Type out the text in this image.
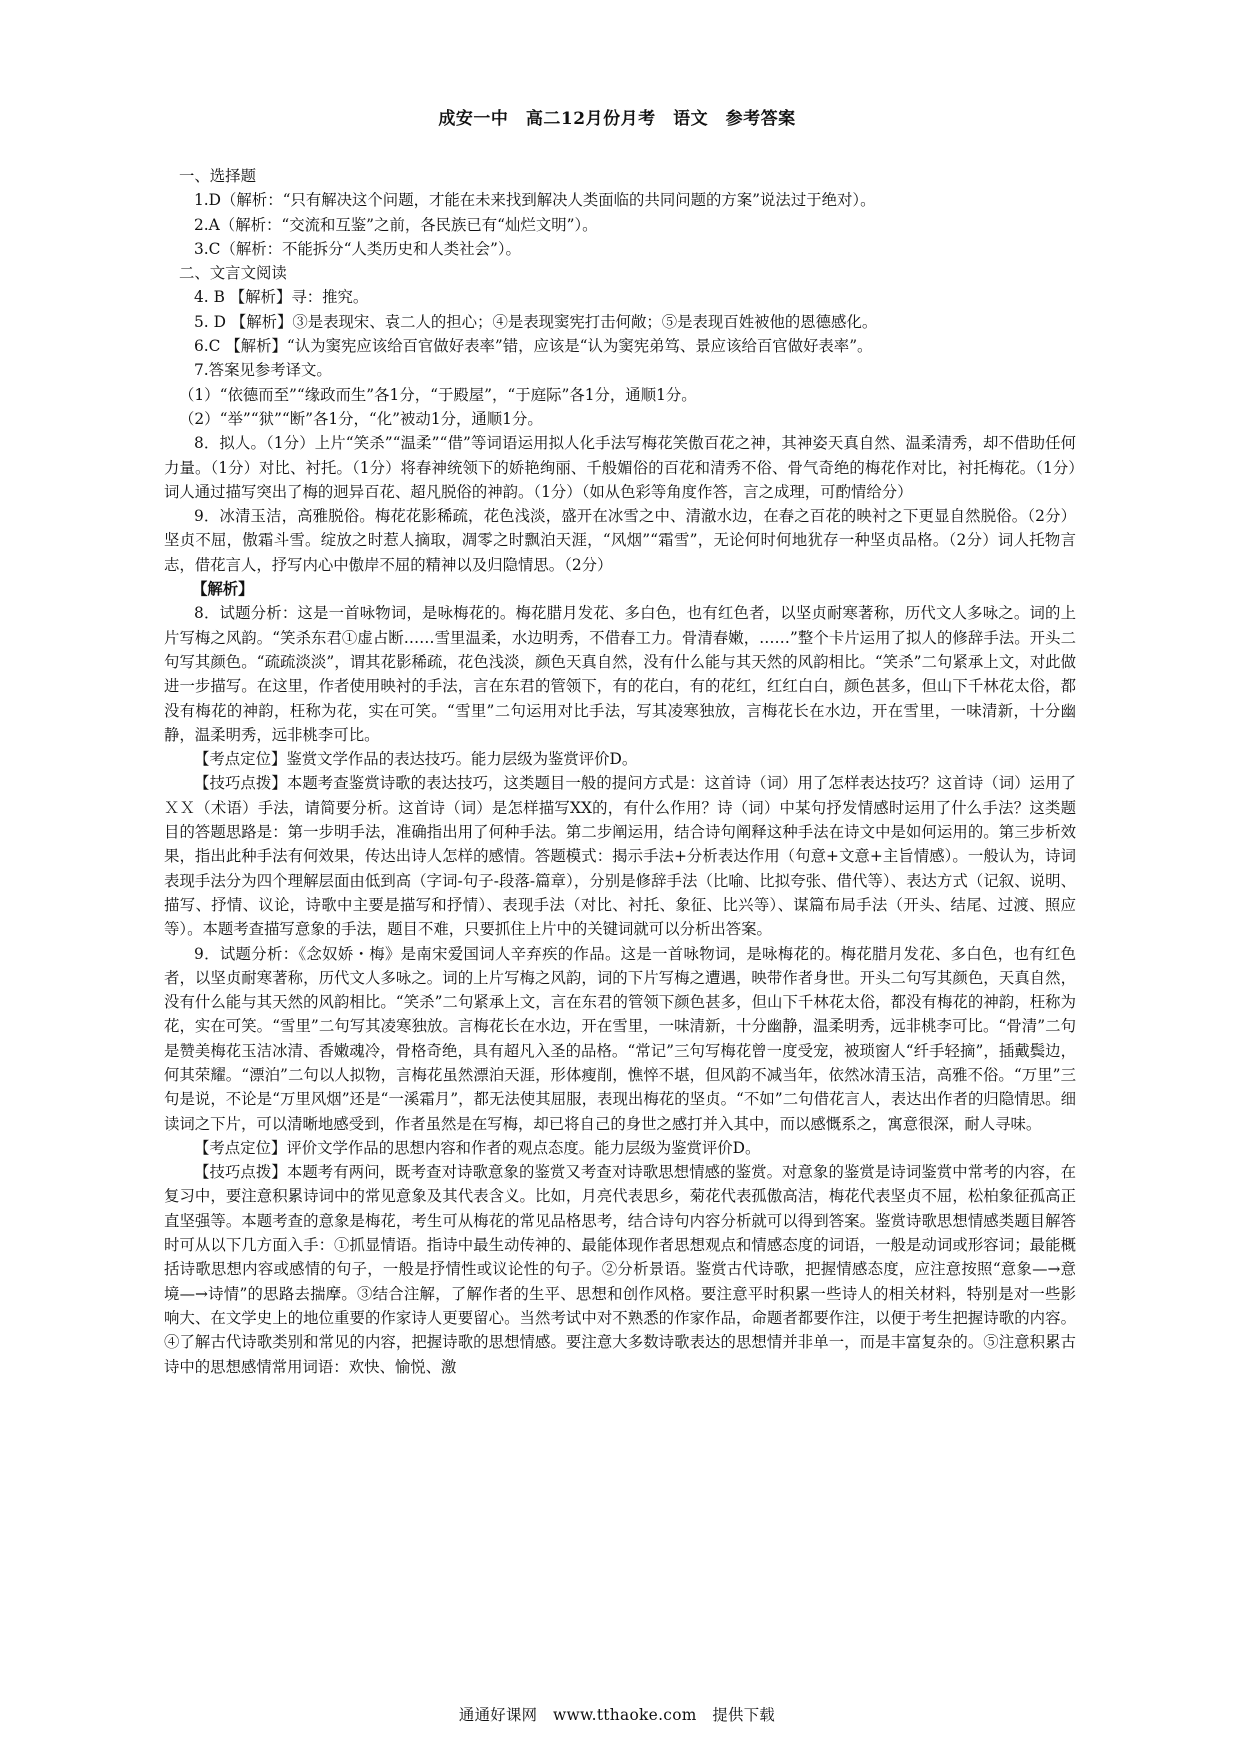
成安一中　高二12月份月考　语文　参考答案

一、选择题

1.D（解析：“只有解决这个问题，才能在未来找到解决人类面临的共同问题的方案”说法过于绝对）。

2.A（解析：“交流和互鉴”之前，各民族已有“灿烂文明”）。

3.C（解析：不能拆分“人类历史和人类社会”）。

二、文言文阅读

4. B 【解析】寻：推究。

5. D 【解析】③是表现宋、袁二人的担心；④是表现窦宪打击何敞；⑤是表现百姓被他的恩德感化。

6.C 【解析】“认为窦宪应该给百官做好表率”错，应该是“认为窦宪弟笃、景应该给百官做好表率”。

7.答案见参考译文。

（1）“依德而至”“缘政而生”各1分，“于殿屋”，“于庭际”各1分，通顺1分。

（2）“举”“狱”“断”各1分，“化”被动1分，通顺1分。

8．拟人。（1分）上片“笑杀”“温柔”“借”等词语运用拟人化手法写梅花笑傲百花之神，其神姿天真自然、温柔清秀，却不借助任何力量。（1分）对比、衬托。（1分）将春神统领下的娇艳绚丽、千般媚俗的百花和清秀不俗、骨气奇绝的梅花作对比，衬托梅花。（1分）词人通过描写突出了梅的迥异百花、超凡脱俗的神韵。（1分）（如从色彩等角度作答，言之成理，可酌情给分）

9．冰清玉洁，高雅脱俗。梅花花影稀疏，花色浅淡，盛开在冰雪之中、清澈水边，在春之百花的映衬之下更显自然脱俗。（2分）坚贞不屈，傲霜斗雪。绽放之时惹人摘取，凋零之时飘泊天涯，“风烟”“霜雪”，无论何时何地犹存一种坚贞品格。（2分）词人托物言志，借花言人，抒写内心中傲岸不屈的精神以及归隐情思。（2分）

【解析】

8．试题分析：这是一首咏物词，是咏梅花的。梅花腊月发花、多白色，也有红色者，以坚贞耐寒著称，历代文人多咏之。词的上片写梅之风韵。“笑杀东君①虚占断……雪里温柔，水边明秀，不借春工力。骨清春嫩，……”整个卡片运用了拟人的修辞手法。开头二句写其颜色。“疏疏淡淡”，谓其花影稀疏，花色浅淡，颜色天真自然，没有什么能与其天然的风韵相比。“笑杀”二句紧承上文，对此做进一步描写。在这里，作者使用映衬的手法，言在东君的管领下，有的花白，有的花红，红红白白，颜色甚多，但山下千林花太俗，都没有梅花的神韵，枉称为花，实在可笑。“雪里”二句运用对比手法，写其凌寒独放，言梅花长在水边，开在雪里，一味清新，十分幽静，温柔明秀，远非桃李可比。

【考点定位】鉴赏文学作品的表达技巧。能力层级为鉴赏评价D。

【技巧点拨】本题考查鉴赏诗歌的表达技巧，这类题目一般的提问方式是：这首诗（词）用了怎样表达技巧？这首诗（词）运用了ＸＸ（术语）手法，请简要分析。这首诗（词）是怎样描写XX的，有什么作用？诗（词）中某句抒发情感时运用了什么手法？这类题目的答题思路是：第一步明手法，准确指出用了何种手法。第二步阐运用，结合诗句阐释这种手法在诗文中是如何运用的。第三步析效果，指出此种手法有何效果，传达出诗人怎样的感情。答题模式：揭示手法+分析表达作用（句意+文意+主旨情感）。一般认为，诗词表现手法分为四个理解层面由低到高（字词-句子-段落-篇章），分别是修辞手法（比喻、比拟夸张、借代等）、表达方式（记叙、说明、描写、抒情、议论，诗歌中主要是描写和抒情）、表现手法（对比、衬托、象征、比兴等）、谋篇布局手法（开头、结尾、过渡、照应等）。本题考查描写意象的手法，题目不难，只要抓住上片中的关键词就可以分析出答案。

9．试题分析：《念奴娇・梅》是南宋爱国词人辛弃疾的作品。这是一首咏物词，是咏梅花的。梅花腊月发花、多白色，也有红色者，以坚贞耐寒著称，历代文人多咏之。词的上片写梅之风韵，词的下片写梅之遭遇，映带作者身世。开头二句写其颜色，天真自然，没有什么能与其天然的风韵相比。“笑杀”二句紧承上文，言在东君的管领下颜色甚多，但山下千林花太俗，都没有梅花的神韵，枉称为花，实在可笑。“雪里”二句写其凌寒独放。言梅花长在水边，开在雪里，一味清新，十分幽静，温柔明秀，远非桃李可比。“骨清”二句是赞美梅花玉洁冰清、香嫩魂冷，骨格奇绝，具有超凡入圣的品格。“常记”三句写梅花曾一度受宠，被琐窗人“纤手轻摘”，插戴鬓边，何其荣耀。“漂泊”二句以人拟物，言梅花虽然漂泊天涯，形体瘦削，憔悴不堪，但风韵不减当年，依然冰清玉洁，高雅不俗。“万里”三句是说，不论是“万里风烟”还是“一溪霜月”，都无法使其屈服，表现出梅花的坚贞。“不如”二句借花言人，表达出作者的归隐情思。细读词之下片，可以清晰地感受到，作者虽然是在写梅，却已将自己的身世之感打并入其中，而以感慨系之，寓意很深，耐人寻味。

【考点定位】评价文学作品的思想内容和作者的观点态度。能力层级为鉴赏评价D。

【技巧点拨】本题考有两问，既考查对诗歌意象的鉴赏又考查对诗歌思想情感的鉴赏。对意象的鉴赏是诗词鉴赏中常考的内容，在复习中，要注意积累诗词中的常见意象及其代表含义。比如，月亮代表思乡，菊花代表孤傲高洁，梅花代表坚贞不屈，松柏象征孤高正直坚强等。本题考查的意象是梅花，考生可从梅花的常见品格思考，结合诗句内容分析就可以得到答案。鉴赏诗歌思想情感类题目解答时可从以下几方面入手：①抓显情语。指诗中最生动传神的、最能体现作者思想观点和情感态度的词语，一般是动词或形容词；最能概括诗歌思想内容或感情的句子，一般是抒情性或议论性的句子。②分析景语。鉴赏古代诗歌，把握情感态度，应注意按照“意象—→意境—→诗情”的思路去揣摩。③结合注解，了解作者的生平、思想和创作风格。要注意平时积累一些诗人的相关材料，特别是对一些影响大、在文学史上的地位重要的作家诗人更要留心。当然考试中对不熟悉的作家作品，命题者都要作注，以便于考生把握诗歌的内容。④了解古代诗歌类别和常见的内容，把握诗歌的思想情感。要注意大多数诗歌表达的思想情并非单一，而是丰富复杂的。⑤注意积累古诗中的思想感情常用词语：欢快、愉悦、激

通通好课网　www.tthaoke.com　提供下载
